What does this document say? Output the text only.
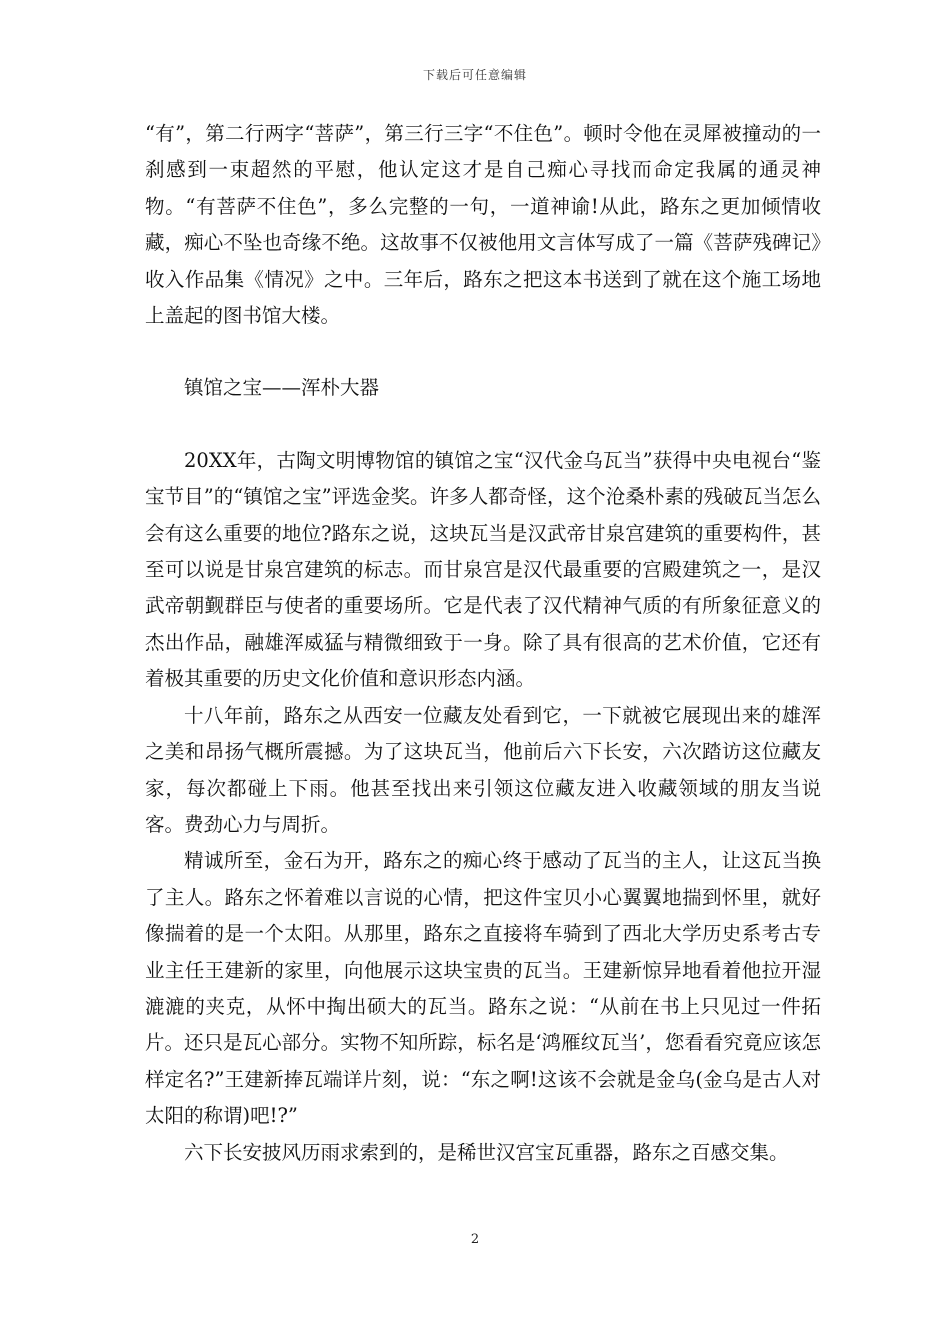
下载后可任意编辑

“有”，第二行两字“菩萨”，第三行三字“不住色”。顿时令他在灵犀被撞动的一刹感到一束超然的平慰，他认定这才是自己痴心寻找而命定我属的通灵神物。“有菩萨不住色”，多么完整的一句，一道神谕!从此，路东之更加倾情收藏，痴心不坠也奇缘不绝。这故事不仅被他用文言体写成了一篇《菩萨残碑记》收入作品集《情况》之中。三年后，路东之把这本书送到了就在这个施工场地上盖起的图书馆大楼。

镇馆之宝——浑朴大器

20XX年，古陶文明博物馆的镇馆之宝“汉代金乌瓦当”获得中央电视台“鉴宝节目”的“镇馆之宝”评选金奖。许多人都奇怪，这个沧桑朴素的残破瓦当怎么会有这么重要的地位?路东之说，这块瓦当是汉武帝甘泉宫建筑的重要构件，甚至可以说是甘泉宫建筑的标志。而甘泉宫是汉代最重要的宫殿建筑之一，是汉武帝朝觐群臣与使者的重要场所。它是代表了汉代精神气质的有所象征意义的杰出作品，融雄浑威猛与精微细致于一身。除了具有很高的艺术价值，它还有着极其重要的历史文化价值和意识形态内涵。

十八年前，路东之从西安一位藏友处看到它，一下就被它展现出来的雄浑之美和昂扬气概所震撼。为了这块瓦当，他前后六下长安，六次踏访这位藏友家，每次都碰上下雨。他甚至找出来引领这位藏友进入收藏领域的朋友当说客。费劲心力与周折。

精诚所至，金石为开，路东之的痴心终于感动了瓦当的主人，让这瓦当换了主人。路东之怀着难以言说的心情，把这件宝贝小心翼翼地揣到怀里，就好像揣着的是一个太阳。从那里，路东之直接将车骑到了西北大学历史系考古专业主任王建新的家里，向他展示这块宝贵的瓦当。王建新惊异地看着他拉开湿漉漉的夹克，从怀中掏出硕大的瓦当。路东之说：“从前在书上只见过一件拓片。还只是瓦心部分。实物不知所踪，标名是‘鸿雁纹瓦当’，您看看究竟应该怎样定名?”王建新捧瓦端详片刻，说：“东之啊!这该不会就是金乌(金乌是古人对太阳的称谓)吧!?”

六下长安披风历雨求索到的，是稀世汉宫宝瓦重器，路东之百感交集。

2
